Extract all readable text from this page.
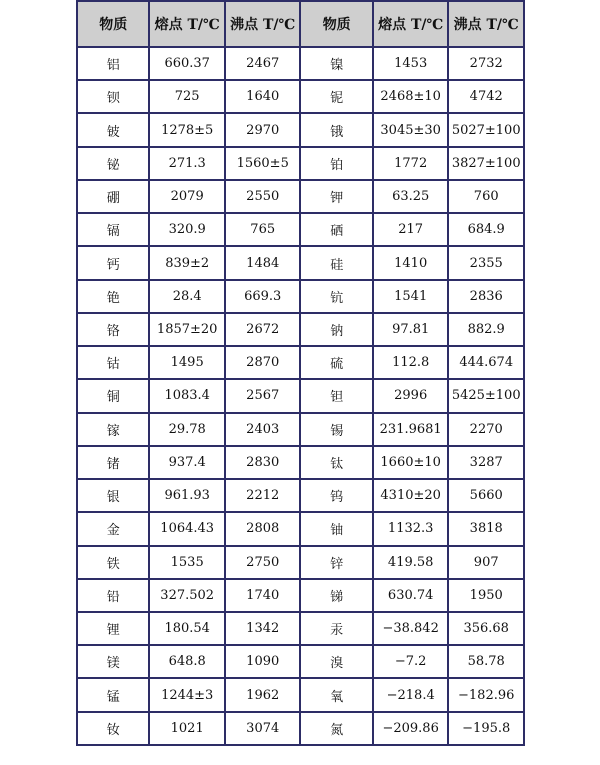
物质	熔点 T/℃	沸点 T/℃	物质	熔点 T/℃	沸点 T/℃
铝	660.37	2467	镍	1453	2732
钡	725	1640	铌	2468±10	4742
铍	1278±5	2970	锇	3045±30	5027±100
铋	271.3	1560±5	铂	1772	3827±100
硼	2079	2550	钾	63.25	760
镉	320.9	765	硒	217	684.9
钙	839±2	1484	硅	1410	2355
铯	28.4	669.3	钪	1541	2836
铬	1857±20	2672	钠	97.81	882.9
钴	1495	2870	硫	112.8	444.674
铜	1083.4	2567	钽	2996	5425±100
镓	29.78	2403	锡	231.9681	2270
锗	937.4	2830	钛	1660±10	3287
银	961.93	2212	钨	4310±20	5660
金	1064.43	2808	铀	1132.3	3818
铁	1535	2750	锌	419.58	907
铅	327.502	1740	锑	630.74	1950
锂	180.54	1342	汞	−38.842	356.68
镁	648.8	1090	溴	−7.2	58.78
锰	1244±3	1962	氧	−218.4	−182.96
钕	1021	3074	氮	−209.86	−195.8
